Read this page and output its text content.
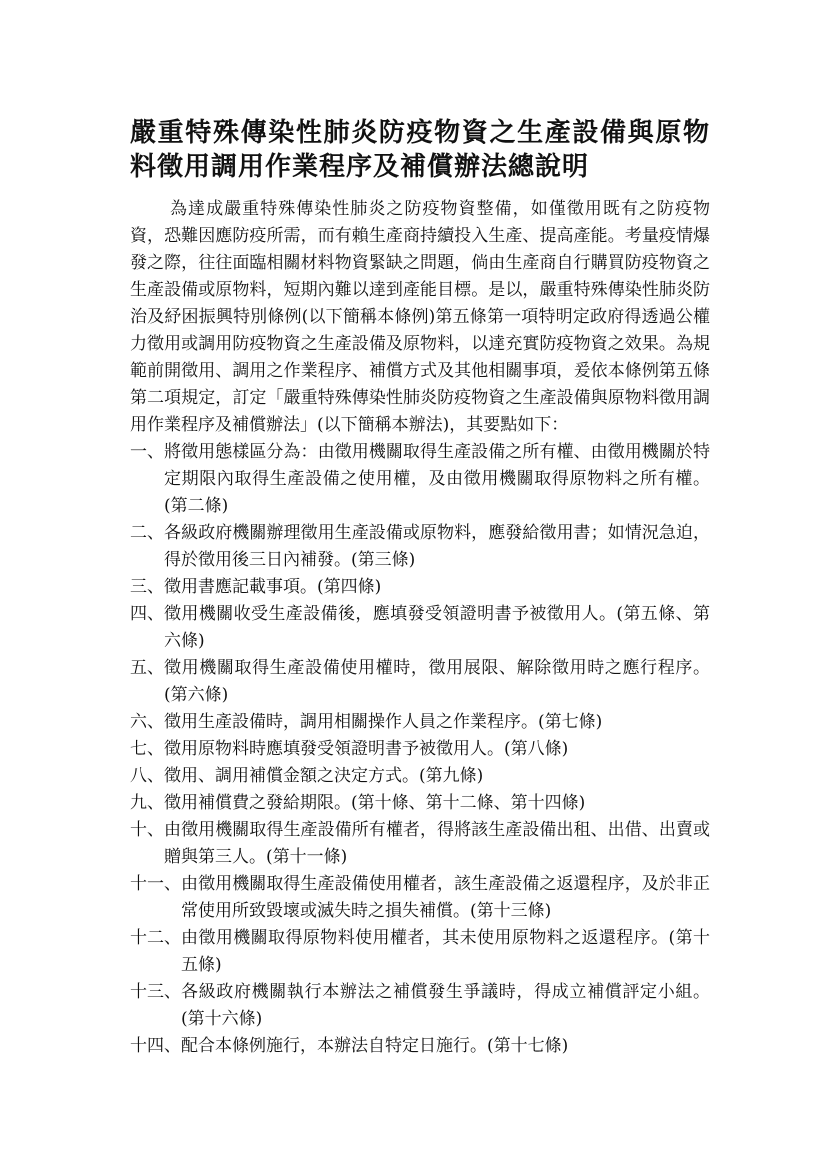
嚴重特殊傳染性肺炎防疫物資之生產設備與原物料徵用調用作業程序及補償辦法總說明

為達成嚴重特殊傳染性肺炎之防疫物資整備，如僅徵用既有之防疫物資，恐難因應防疫所需，而有賴生產商持續投入生產、提高產能。考量疫情爆發之際，往往面臨相關材料物資緊缺之問題，倘由生產商自行購買防疫物資之生產設備或原物料，短期內難以達到產能目標。是以，嚴重特殊傳染性肺炎防治及紓困振興特別條例(以下簡稱本條例)第五條第一項特明定政府得透過公權力徵用或調用防疫物資之生產設備及原物料，以達充實防疫物資之效果。為規範前開徵用、調用之作業程序、補償方式及其他相關事項，爰依本條例第五條第二項規定，訂定「嚴重特殊傳染性肺炎防疫物資之生產設備與原物料徵用調用作業程序及補償辦法」(以下簡稱本辦法)，其要點如下：

一、 將徵用態樣區分為：由徵用機關取得生產設備之所有權、由徵用機關於特定期限內取得生產設備之使用權，及由徵用機關取得原物料之所有權。(第二條)
二、 各級政府機關辦理徵用生產設備或原物料，應發給徵用書；如情況急迫，得於徵用後三日內補發。(第三條)
三、 徵用書應記載事項。(第四條)
四、 徵用機關收受生產設備後，應填發受領證明書予被徵用人。(第五條、第六條)
五、 徵用機關取得生產設備使用權時，徵用展限、解除徵用時之應行程序。(第六條)
六、 徵用生產設備時，調用相關操作人員之作業程序。(第七條)
七、 徵用原物料時應填發受領證明書予被徵用人。(第八條)
八、 徵用、調用補償金額之決定方式。(第九條)
九、 徵用補償費之發給期限。(第十條、第十二條、第十四條)
十、 由徵用機關取得生產設備所有權者，得將該生產設備出租、出借、出賣或贈與第三人。(第十一條)
十一、 由徵用機關取得生產設備使用權者，該生產設備之返還程序，及於非正常使用所致毀壞或滅失時之損失補償。(第十三條)
十二、 由徵用機關取得原物料使用權者，其未使用原物料之返還程序。(第十五條)
十三、 各級政府機關執行本辦法之補償發生爭議時，得成立補償評定小組。(第十六條)
十四、 配合本條例施行，本辦法自特定日施行。(第十七條)
